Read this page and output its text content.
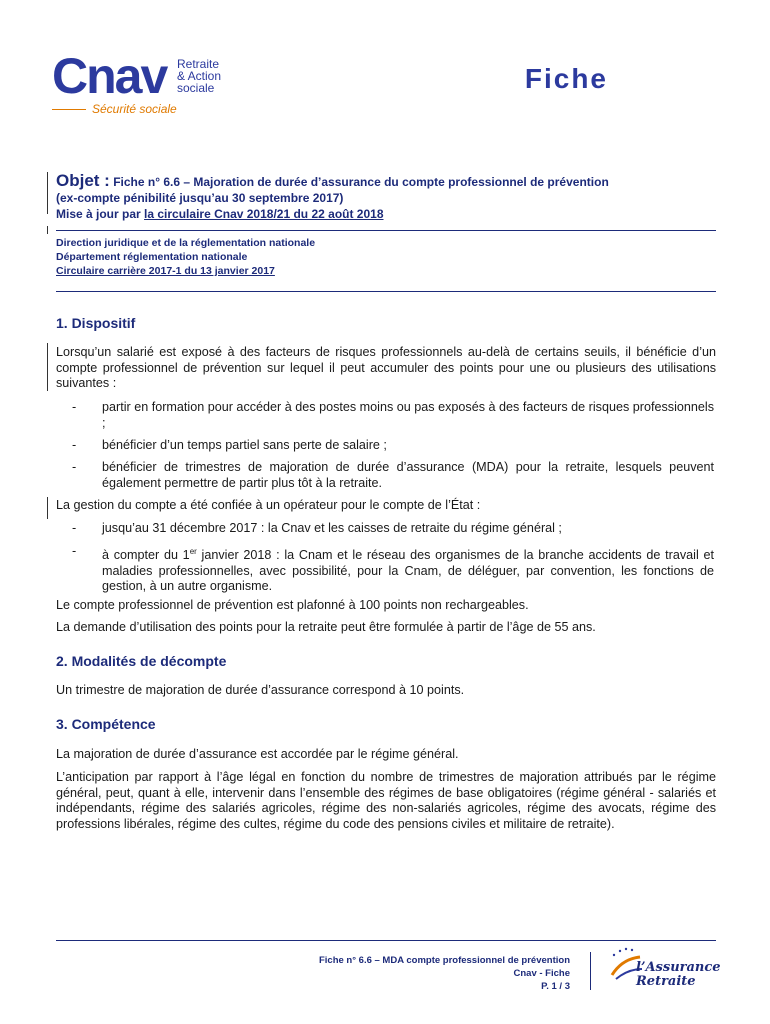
Cnav Retraite
& Action
sociale
Sécurité sociale
Fiche
Objet : Fiche n° 6.6 – Majoration de durée d’assurance du compte professionnel de prévention
(ex-compte pénibilité jusqu’au 30 septembre 2017)
Mise à jour par la circulaire Cnav 2018/21 du 22 août 2018
Direction juridique et de la réglementation nationale
Département réglementation nationale
Circulaire carrière 2017-1 du 13 janvier 2017
1. Dispositif
Lorsqu’un salarié est exposé à des facteurs de risques professionnels au-delà de certains seuils, il bénéficie d’un compte professionnel de prévention sur lequel il peut accumuler des points pour une ou plusieurs des utilisations suivantes :
- partir en formation pour accéder à des postes moins ou pas exposés à des facteurs de risques professionnels ;
- bénéficier d’un temps partiel sans perte de salaire ;
- bénéficier de trimestres de majoration de durée d’assurance (MDA) pour la retraite, lesquels peuvent également permettre de partir plus tôt à la retraite.
La gestion du compte a été confiée à un opérateur pour le compte de l’État :
- jusqu’au 31 décembre 2017 : la Cnav et les caisses de retraite du régime général ;
- à compter du 1er janvier 2018 : la Cnam et le réseau des organismes de la branche accidents de travail et maladies professionnelles, avec possibilité, pour la Cnam, de déléguer, par convention, les fonctions de gestion, à un autre organisme.
Le compte professionnel de prévention est plafonné à 100 points non rechargeables.
La demande d’utilisation des points pour la retraite peut être formulée à partir de l’âge de 55 ans.
2. Modalités de décompte
Un trimestre de majoration de durée d’assurance correspond à 10 points.
3. Compétence
La majoration de durée d’assurance est accordée par le régime général.
L’anticipation par rapport à l’âge légal en fonction du nombre de trimestres de majoration attribués par le régime général, peut, quant à elle, intervenir dans l’ensemble des régimes de base obligatoires (régime général - salariés et indépendants, régime des salariés agricoles, régime des non-salariés agricoles, régime des avocats, régime des professions libérales, régime des cultes, régime du code des pensions civiles et militaire de retraite).
Fiche n° 6.6 – MDA compte professionnel de prévention
Cnav - Fiche
P. 1 / 3
l’Assurance
Retraite
